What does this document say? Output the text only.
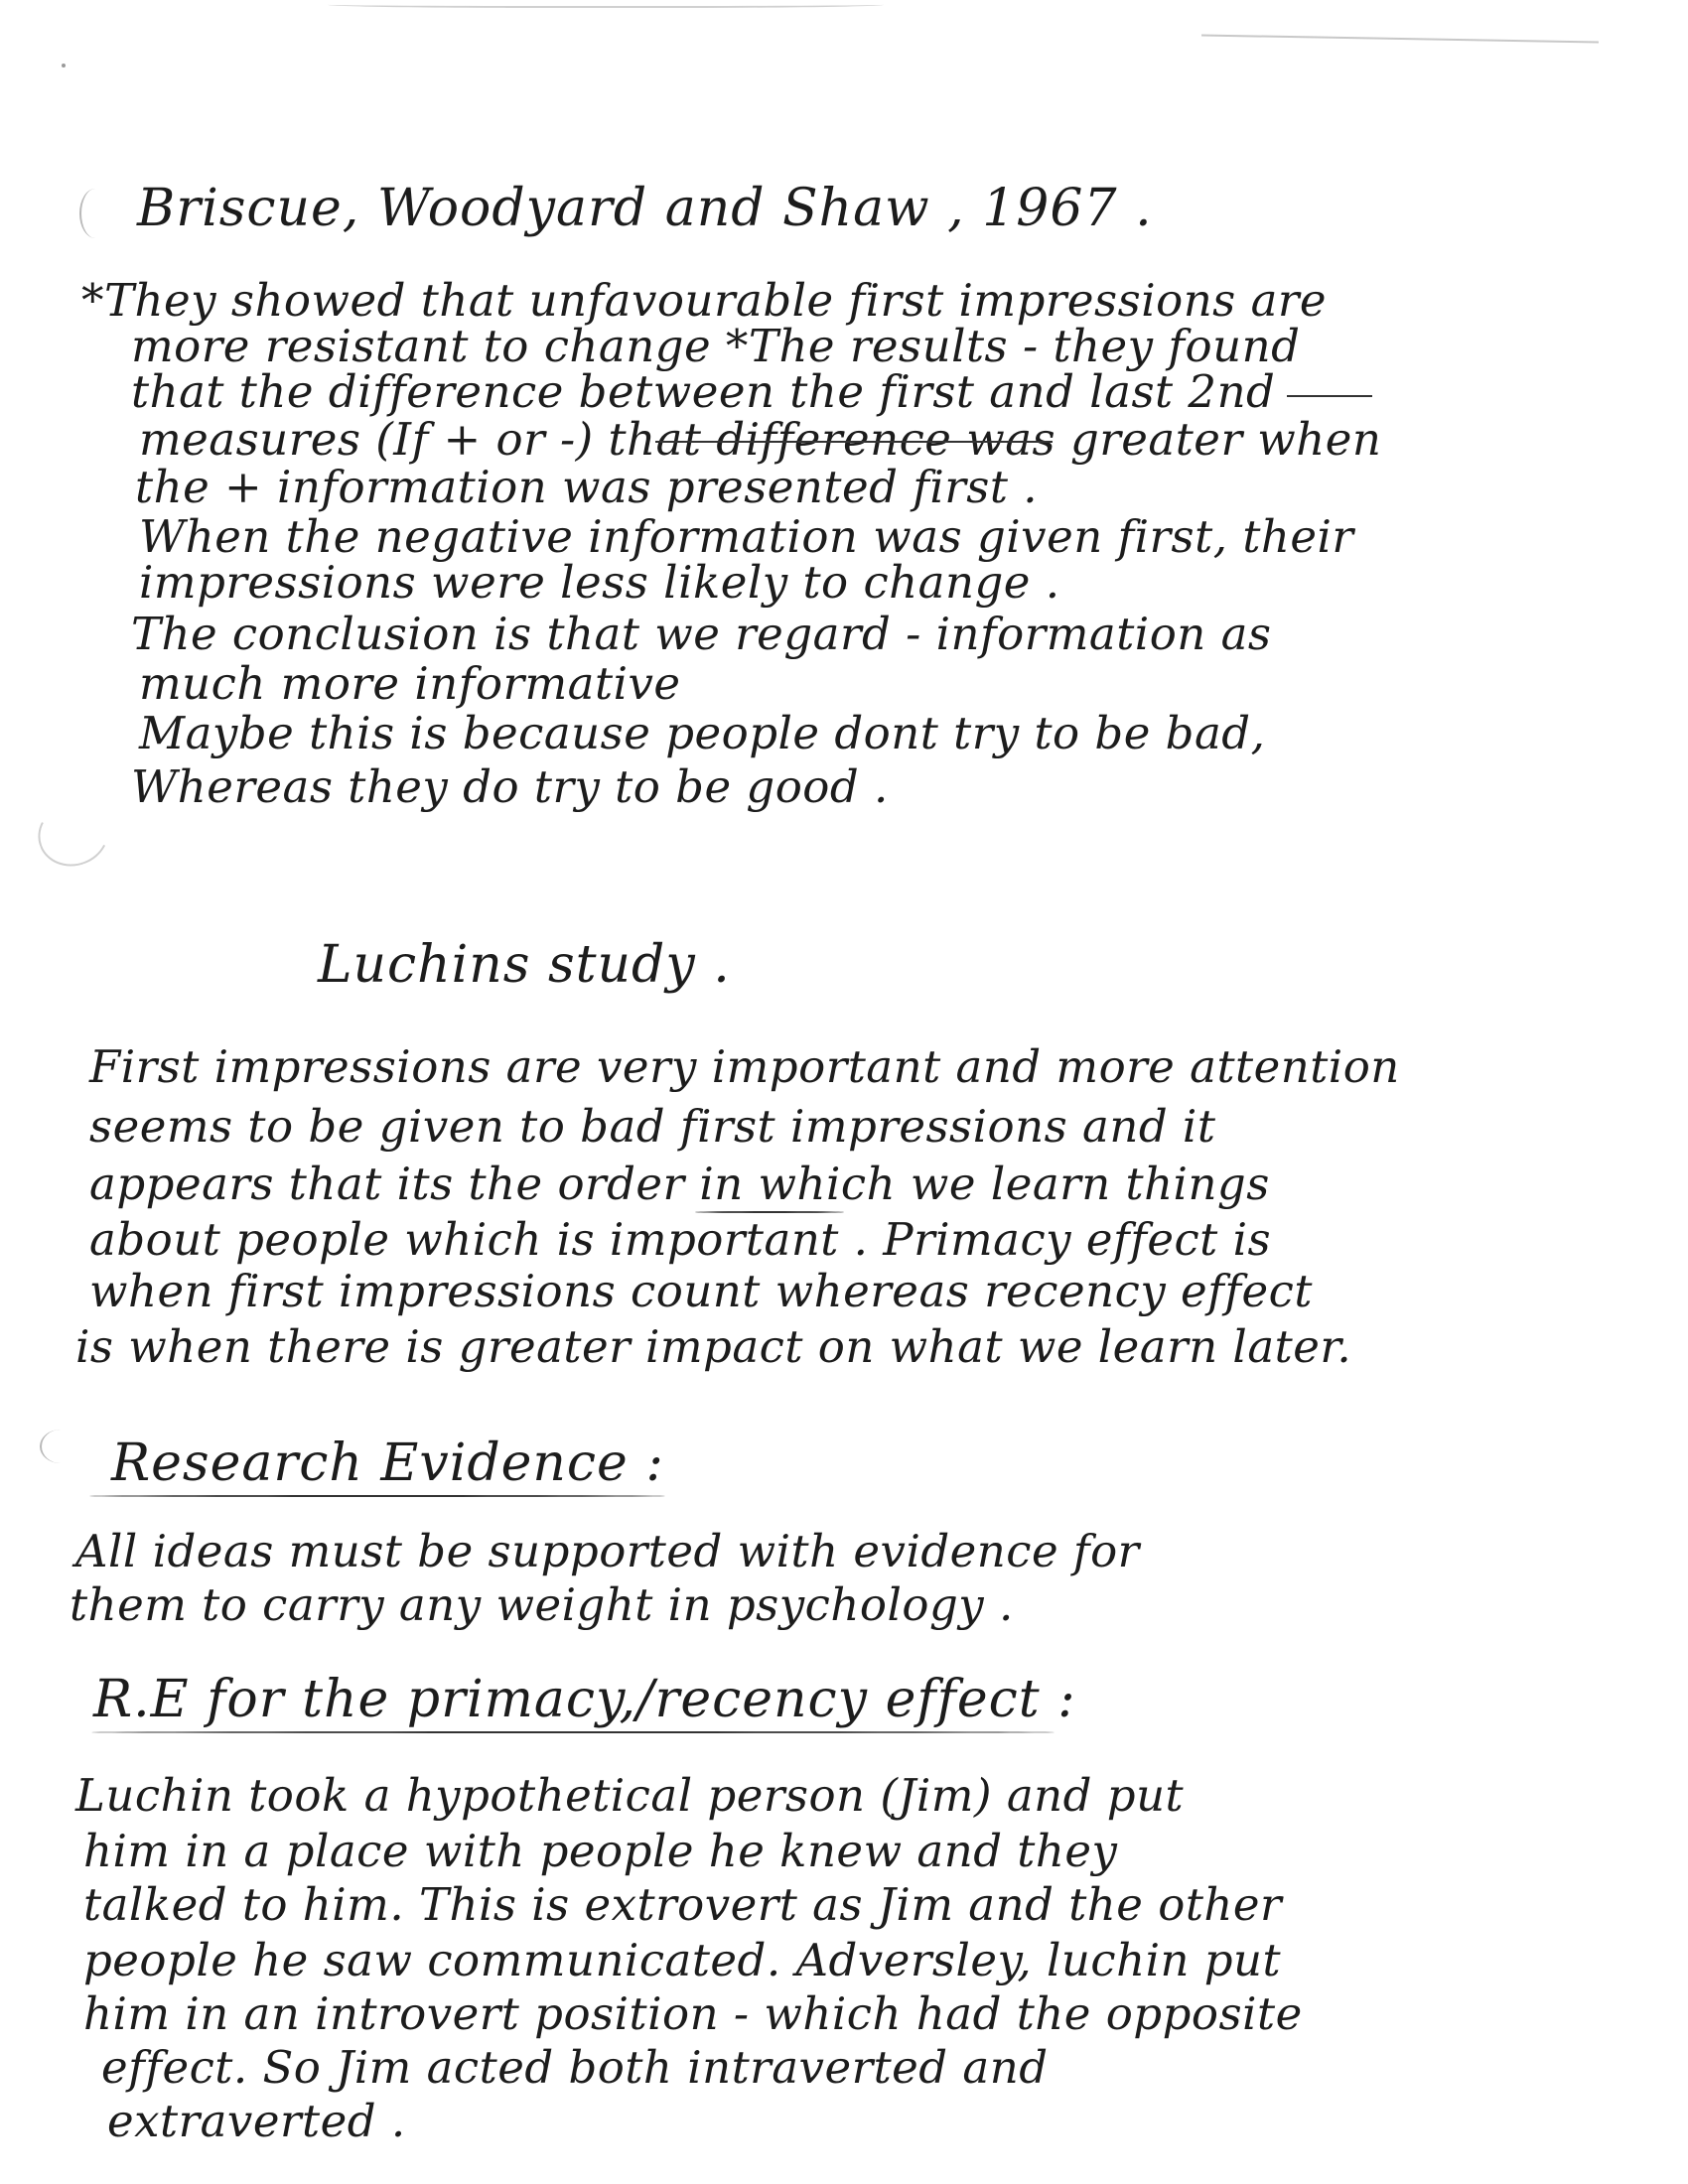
Briscue, Woodyard and Shaw , 1967 .
*They showed that unfavourable first impressions are
more resistant to change *The results - they found
that the difference between the first and last 2nd
measures (If + or -) that difference was greater when
the + information was presented first .
When the negative information was given first, their
impressions were less likely to change .
The conclusion is that we regard - information as
much more informative
Maybe this is because people dont try to be bad,
Whereas they do try to be good .
Luchins study .
First impressions are very important and more attention
seems to be given to bad first impressions and it
appears that its the order in which we learn things
about people which is important . Primacy effect is
when first impressions count whereas recency effect
is when there is greater impact on what we learn later.
Research Evidence :
All ideas must be supported with evidence for
them to carry any weight in psychology .
R.E for the primacy,/recency effect :
Luchin took a hypothetical person (Jim) and put
him in a place with people he knew and they
talked to him. This is extrovert as Jim and the other
people he saw communicated. Adversley, luchin put
him in an introvert position - which had the opposite
effect. So Jim acted both intraverted and
extraverted .
